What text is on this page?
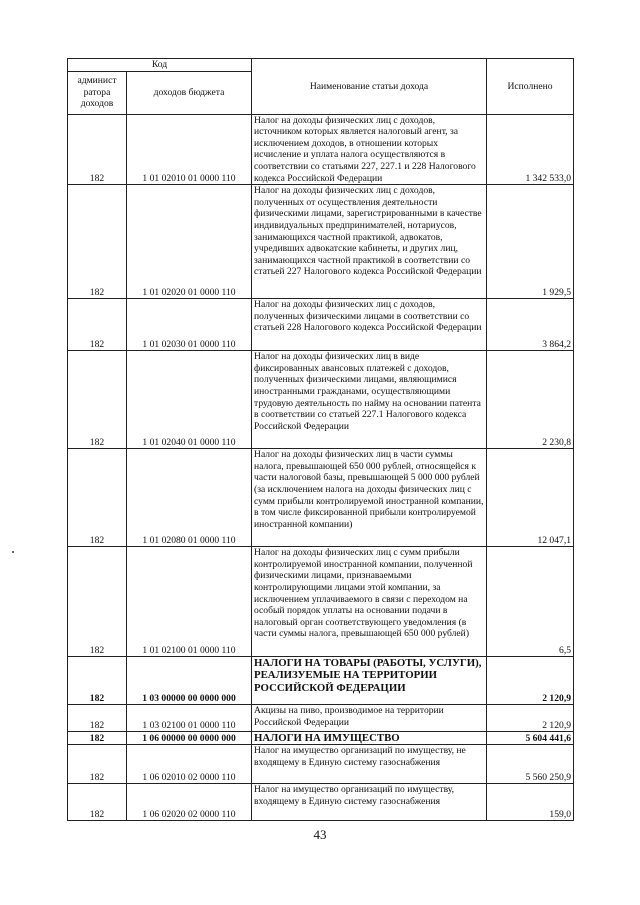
Код		Наименование статьи дохода	Исполнено
админист
ратора
доходов	доходов бюджета		
182	1 01 02010 01 0000 110	Налог на доходы физических лиц с доходов, источником которых является налоговый агент, за исключением доходов, в отношении которых исчисление и уплата налога осуществляются в соответствии со статьями 227, 227.1 и 228 Налогового кодекса Российской Федерации	1 342 533,0
182	1 01 02020 01 0000 110	Налог на доходы физических лиц с доходов, полученных от осуществления деятельности физическими лицами, зарегистрированными в качестве индивидуальных предпринимателей, нотариусов, занимающихся частной практикой, адвокатов, учредивших адвокатские кабинеты, и других лиц, занимающихся частной практикой в соответствии со статьей 227 Налогового кодекса Российской Федерации	1 929,5
182	1 01 02030 01 0000 110	Налог на доходы физических лиц с доходов, полученных физическими лицами в соответствии со статьей 228 Налогового кодекса Российской Федерации	3 864,2
182	1 01 02040 01 0000 110	Налог на доходы физических лиц в виде фиксированных авансовых платежей с доходов, полученных физическими лицами, являющимися иностранными гражданами, осуществляющими трудовую деятельность по найму на основании патента в соответствии со статьей 227.1 Налогового кодекса Российской Федерации	2 230,8
182	1 01 02080 01 0000 110	Налог на доходы физических лиц в части суммы налога, превышающей 650 000 рублей, относящейся к части налоговой базы, превышающей 5 000 000 рублей (за исключением налога на доходы физических лиц с сумм прибыли контролируемой иностранной компании, в том числе фиксированной прибыли контролируемой иностранной компании)	12 047,1
182	1 01 02100 01 0000 110	Налог на доходы физических лиц с сумм прибыли контролируемой иностранной компании, полученной физическими лицами, признаваемыми контролирующими лицами этой компании, за исключением уплачиваемого в связи с переходом на особый порядок уплаты на основании подачи в налоговый орган соответствующего уведомления (в части суммы налога, превышающей 650 000 рублей)	6,5
182	1 03 00000 00 0000 000	НАЛОГИ НА ТОВАРЫ (РАБОТЫ, УСЛУГИ), РЕАЛИЗУЕМЫЕ НА ТЕРРИТОРИИ РОССИЙСКОЙ ФЕДЕРАЦИИ	2 120,9
182	1 03 02100 01 0000 110	Акцизы на пиво, производимое на территории Российской Федерации	2 120,9
182	1 06 00000 00 0000 000	НАЛОГИ НА ИМУЩЕСТВО	5 604 441,6
182	1 06 02010 02 0000 110	Налог на имущество организаций по имуществу, не входящему в Единую систему газоснабжения	5 560 250,9
182	1 06 02020 02 0000 110	Налог на имущество организаций по имуществу, входящему в Единую систему газоснабжения	159,0
43
